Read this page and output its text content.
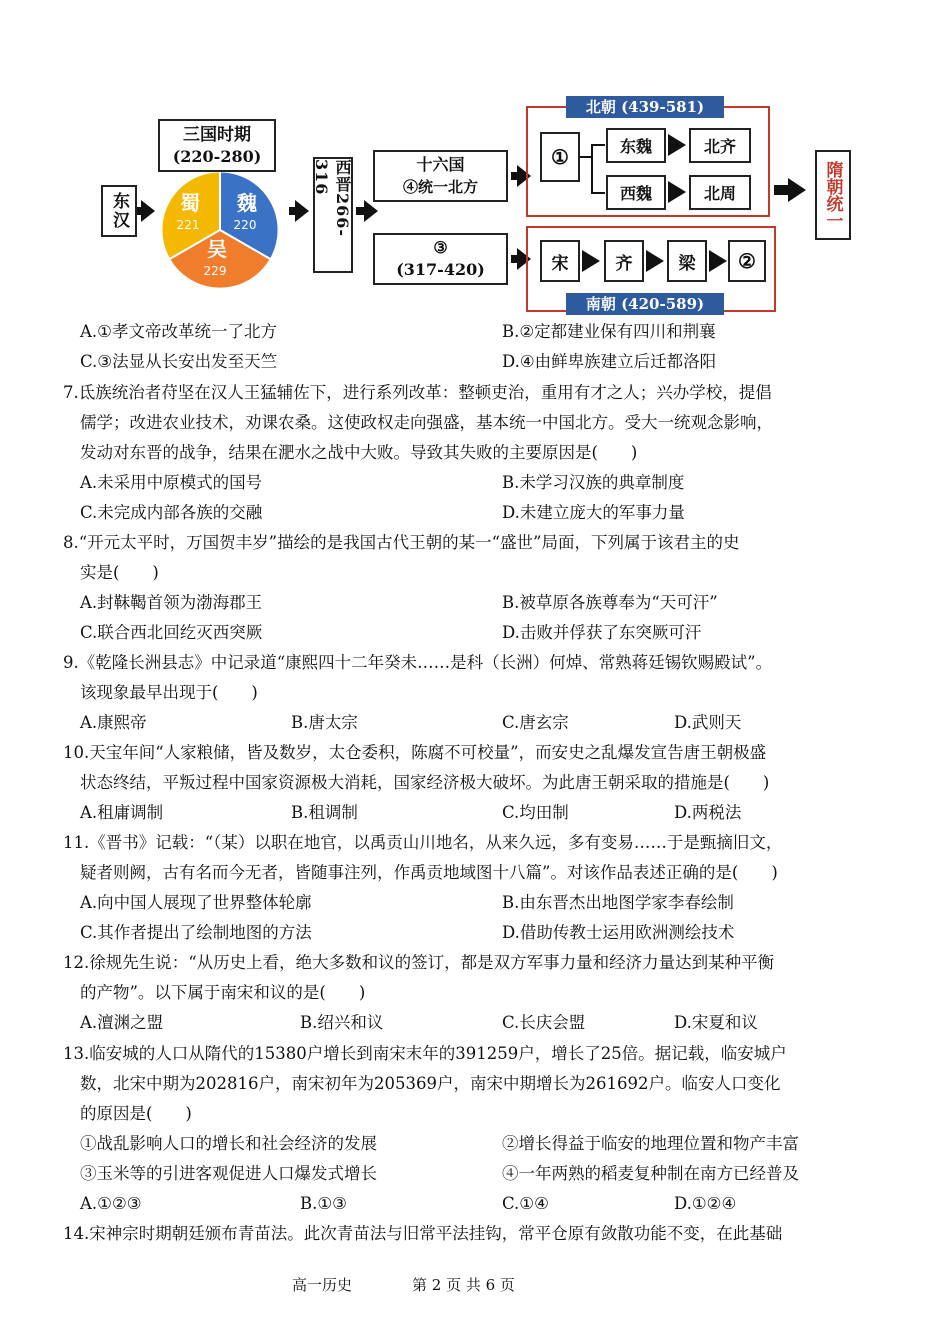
东汉
三国时期
(220-280)
蜀
221
魏
220
吴
229
西晋266-316	十六国
④统一北方
③
(317-420)
北朝 (439-581)
①	东魏	北齐
西魏	北周	隋朝统一
南朝 (420-589)
宋	齐	梁	②
A.①孝文帝改革统一了北方	B.②定都建业保有四川和荆襄
C.③法显从长安出发至天竺	D.④由鲜卑族建立后迁都洛阳
7.氐族统治者苻坚在汉人王猛辅佐下，进行系列改革：整顿吏治，重用有才之人；兴办学校，提倡
儒学；改进农业技术，劝课农桑。这使政权走向强盛，基本统一中国北方。受大一统观念影响，
发动对东晋的战争，结果在淝水之战中大败。导致其失败的主要原因是(　　)
A.未采用中原模式的国号	B.未学习汉族的典章制度
C.未完成内部各族的交融	D.未建立庞大的军事力量
8.“开元太平时，万国贺丰岁”描绘的是我国古代王朝的某一“盛世”局面，下列属于该君主的史
实是(　　)
A.封靺鞨首领为渤海郡王	B.被草原各族尊奉为“天可汗”
C.联合西北回纥灭西突厥	D.击败并俘获了东突厥可汗
9.《乾隆长洲县志》中记录道“康熙四十二年癸未……是科（长洲）何焯、常熟蒋廷锡钦赐殿试”。
该现象最早出现于(　　)
A.康熙帝	B.唐太宗	C.唐玄宗	D.武则天
10.天宝年间“人家粮储，皆及数岁，太仓委积，陈腐不可校量”，而安史之乱爆发宣告唐王朝极盛
状态终结，平叛过程中国家资源极大消耗，国家经济极大破坏。为此唐王朝采取的措施是(　　)
A.租庸调制	B.租调制	C.均田制	D.两税法
11.《晋书》记载：“（某）以职在地官，以禹贡山川地名，从来久远，多有变易……于是甄摘旧文，
疑者则阙，古有名而今无者，皆随事注列，作禹贡地域图十八篇”。对该作品表述正确的是(　　)
A.向中国人展现了世界整体轮廓	B.由东晋杰出地图学家李春绘制
C.其作者提出了绘制地图的方法	D.借助传教士运用欧洲测绘技术
12.徐规先生说：“从历史上看，绝大多数和议的签订，都是双方军事力量和经济力量达到某种平衡
的产物”。以下属于南宋和议的是(　　)
A.澶渊之盟	B.绍兴和议	C.长庆会盟	D.宋夏和议
13.临安城的人口从隋代的15380户增长到南宋末年的391259户，增长了25倍。据记载，临安城户
数，北宋中期为202816户，南宋初年为205369户，南宋中期增长为261692户。临安人口变化
的原因是(　　)
①战乱影响人口的增长和社会经济的发展	②增长得益于临安的地理位置和物产丰富
③玉米等的引进客观促进人口爆发式增长	④一年两熟的稻麦复种制在南方已经普及
A.①②③	B.①③	C.①④	D.①②④
14.宋神宗时期朝廷颁布青苗法。此次青苗法与旧常平法挂钩，常平仓原有敛散功能不变，在此基础
高一历史	第 2 页 共 6 页
